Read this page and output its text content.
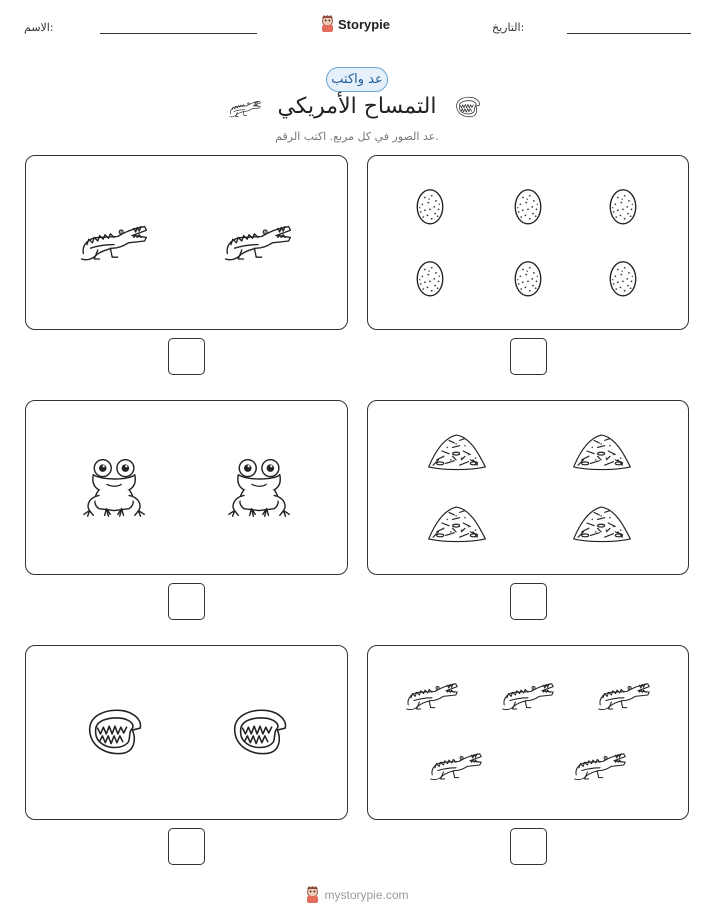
الاسم:	Storypie	التاريخ:
عد واكتب
التمساح الأمريكي
عد الصور في كل مربع. اكتب الرقم.
mystorypie.com
